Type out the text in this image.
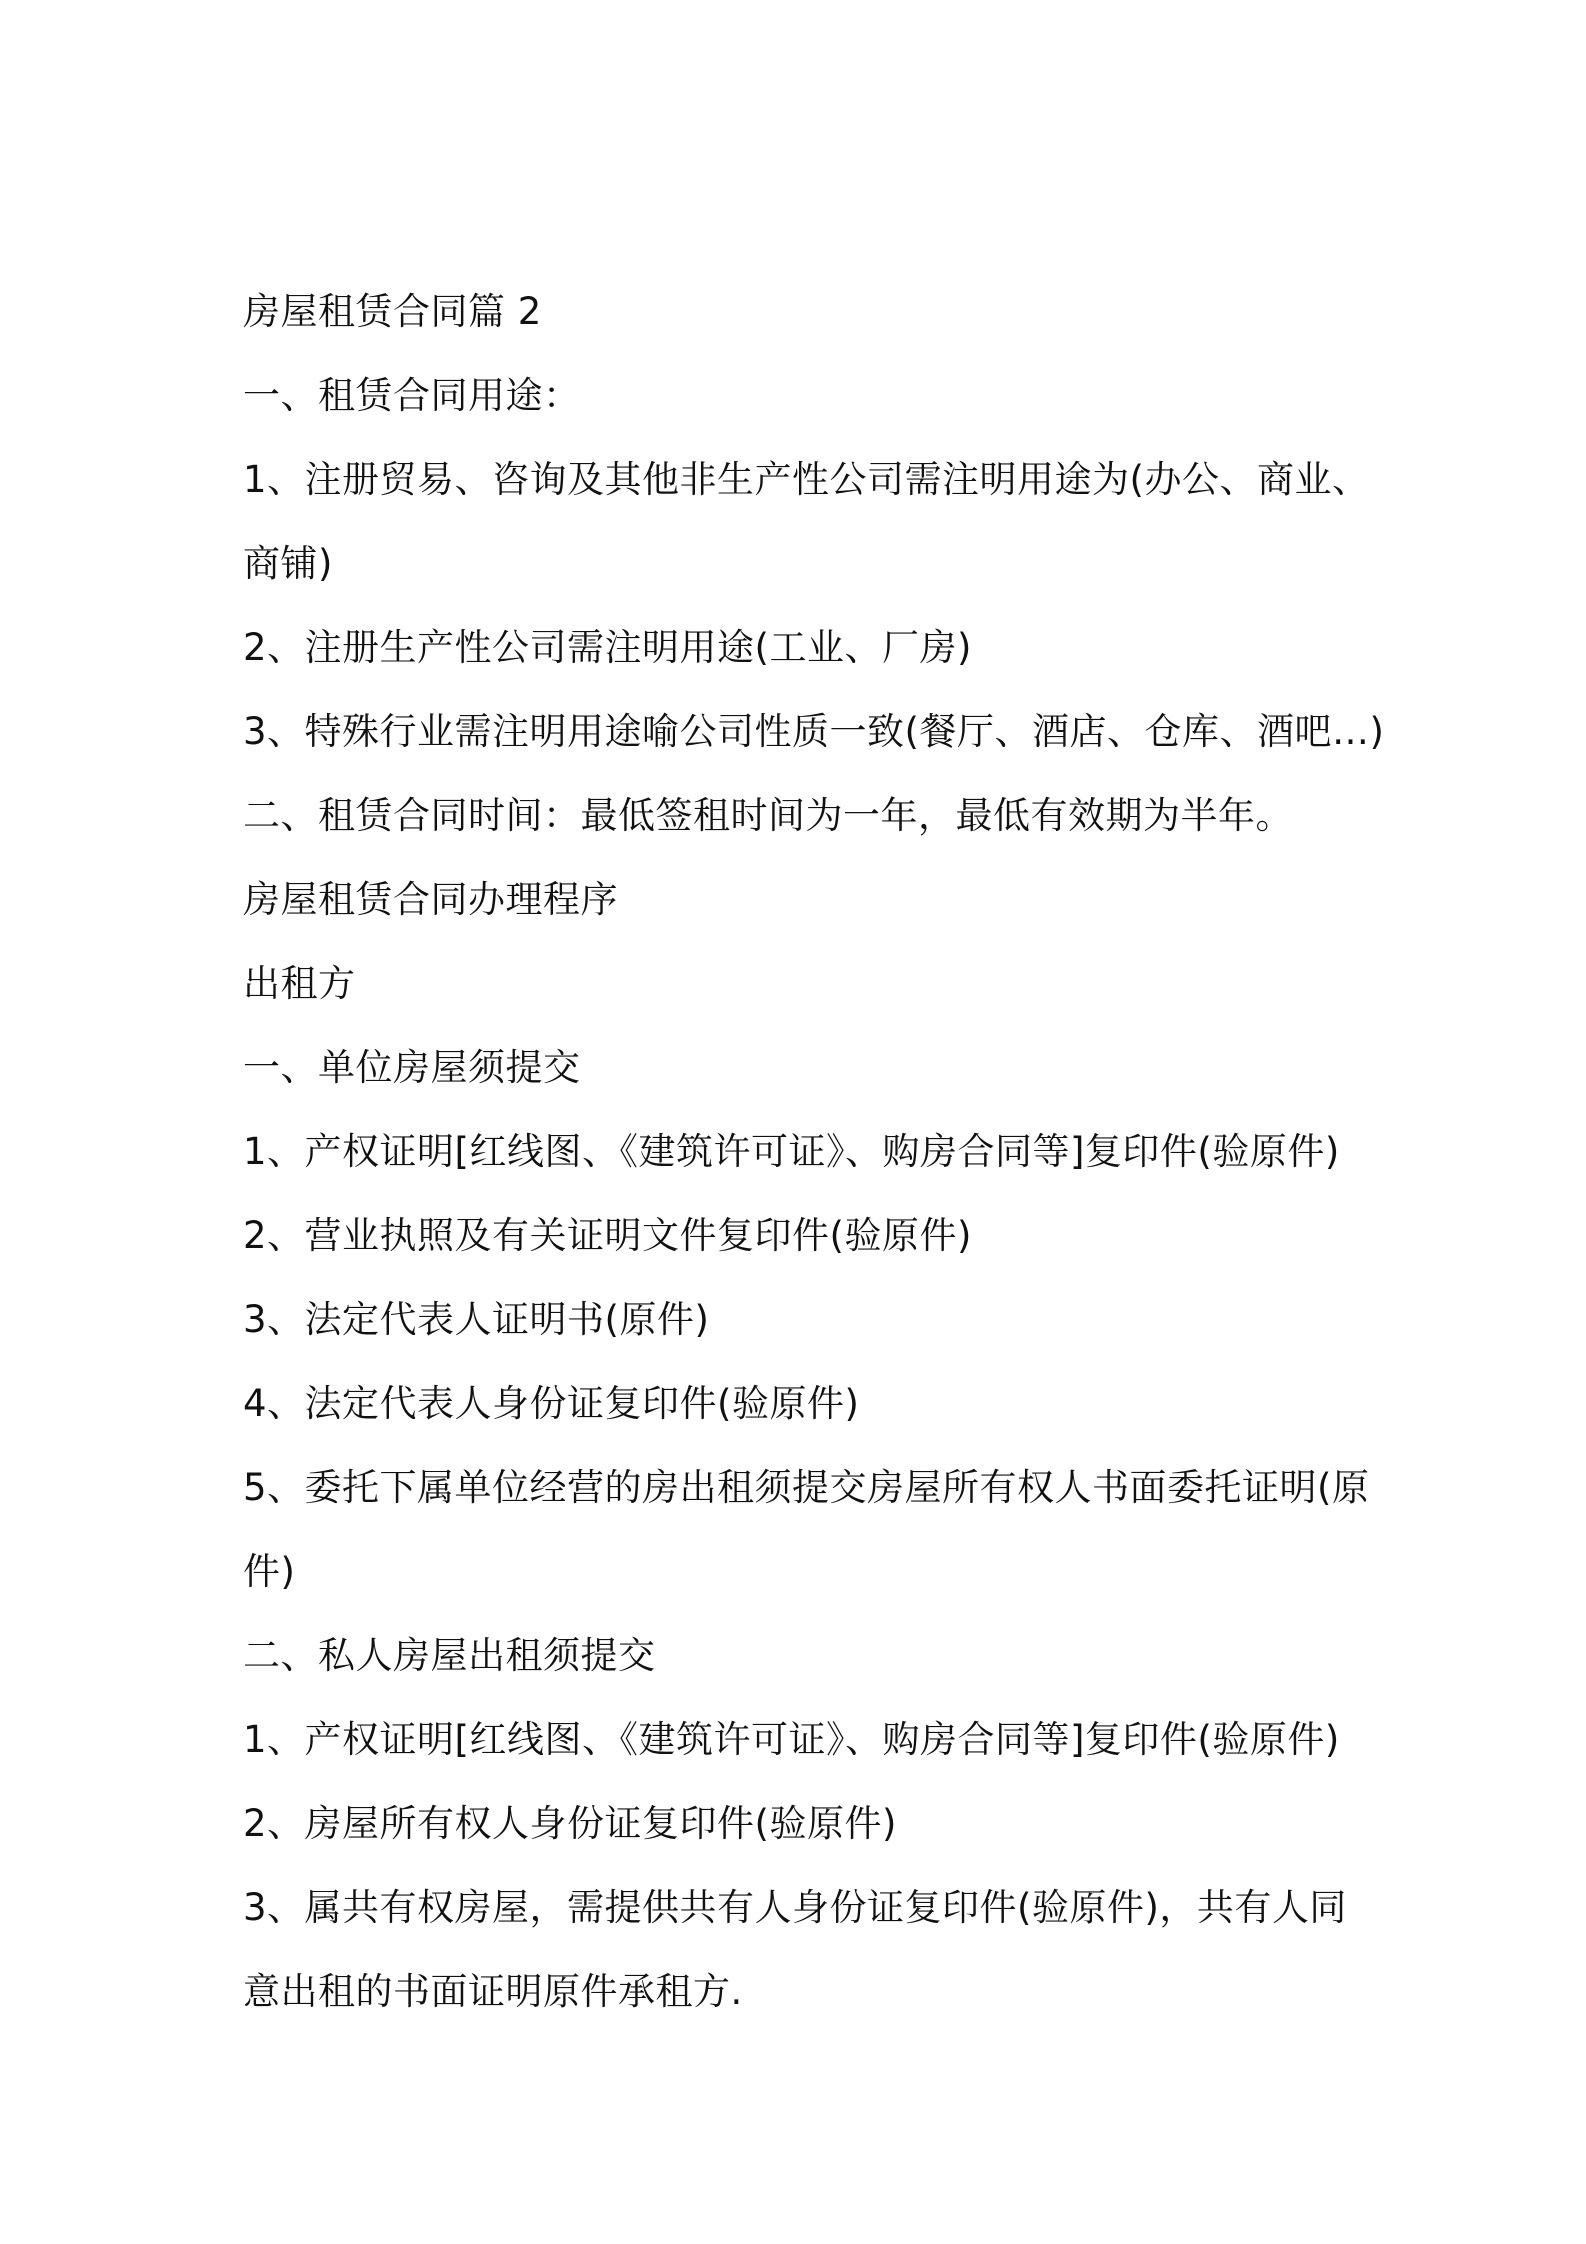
房屋租赁合同篇 2
一、租赁合同用途：
1、注册贸易、咨询及其他非生产性公司需注明用途为(办公、商业、
商铺)
2、注册生产性公司需注明用途(工业、厂房)
3、特殊行业需注明用途喻公司性质一致(餐厅、酒店、仓库、酒吧…)
二、租赁合同时间：最低签租时间为一年，最低有效期为半年。
房屋租赁合同办理程序
出租方
一、单位房屋须提交
1、产权证明[红线图、《建筑许可证》、购房合同等]复印件(验原件)
2、营业执照及有关证明文件复印件(验原件)
3、法定代表人证明书(原件)
4、法定代表人身份证复印件(验原件)
5、委托下属单位经营的房出租须提交房屋所有权人书面委托证明(原
件)
二、私人房屋出租须提交
1、产权证明[红线图、《建筑许可证》、购房合同等]复印件(验原件)
2、房屋所有权人身份证复印件(验原件)
3、属共有权房屋，需提供共有人身份证复印件(验原件)，共有人同
意出租的书面证明原件承租方.
